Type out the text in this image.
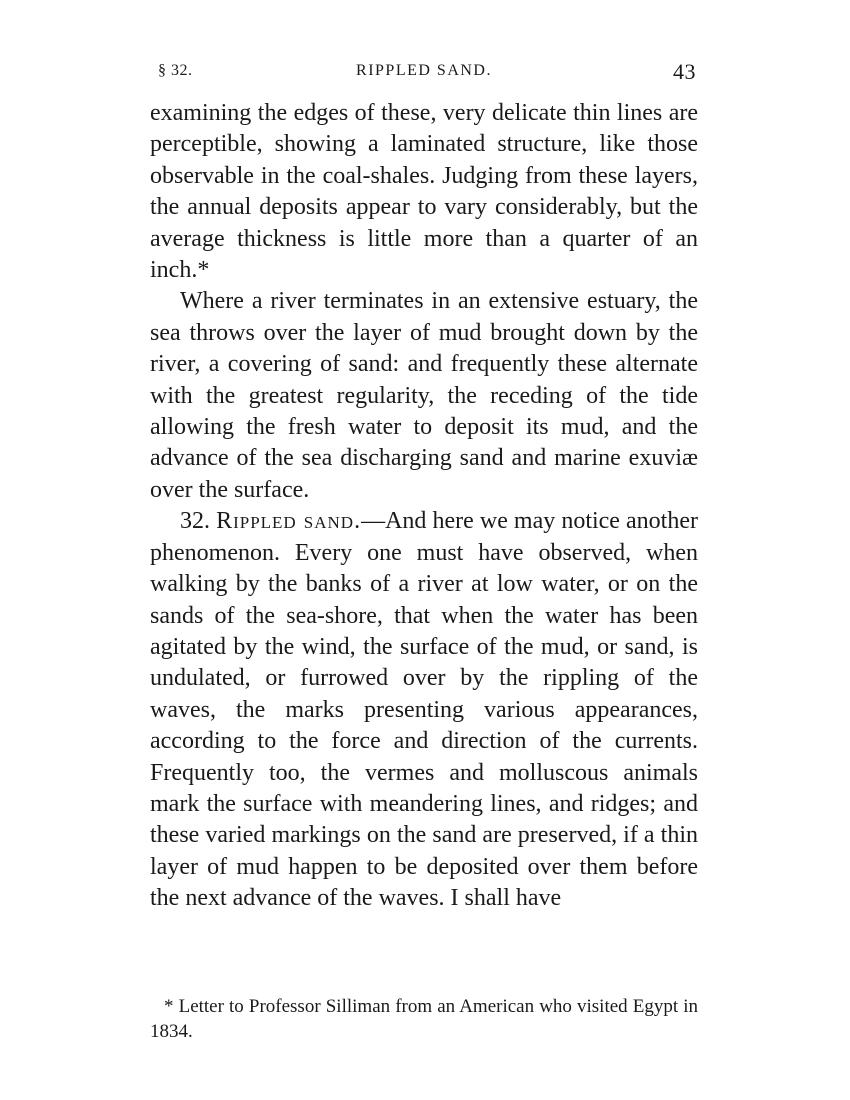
§ 32.	RIPPLED SAND.	43

examining the edges of these, very delicate thin lines are perceptible, showing a laminated structure, like those observable in the coal-shales. Judging from these layers, the annual deposits appear to vary considerably, but the average thickness is little more than a quarter of an inch.*

Where a river terminates in an extensive estuary, the sea throws over the layer of mud brought down by the river, a covering of sand: and frequently these alternate with the greatest regularity, the receding of the tide allowing the fresh water to deposit its mud, and the advance of the sea discharging sand and marine exuviæ over the surface.

32. Rippled sand.—And here we may notice another phenomenon. Every one must have observed, when walking by the banks of a river at low water, or on the sands of the sea-shore, that when the water has been agitated by the wind, the surface of the mud, or sand, is undulated, or furrowed over by the rippling of the waves, the marks presenting various appearances, according to the force and direction of the currents. Frequently too, the vermes and molluscous animals mark the surface with meandering lines, and ridges; and these varied markings on the sand are preserved, if a thin layer of mud happen to be deposited over them before the next advance of the waves. I shall have

* Letter to Professor Silliman from an American who visited Egypt in 1834.
